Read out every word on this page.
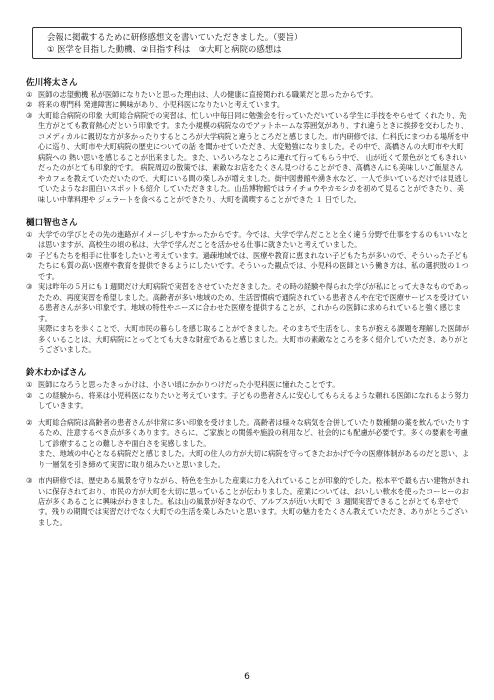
会報に掲載するために研修感想文を書いていただきました。（要旨）
① 医学を目指した動機、②目指す科は　③大町と病院の感想は
佐川将太さん
① 医師の志望動機 私が医師になりたいと思った理由は、人の健康に直接関われる職業だと思ったからです。
② 将来の専門科 発達障害に興味があり、小児科医になりたいと考えています。
③ 大町総合病院の印象 大町総合病院での実習は、忙しい中毎日同に勉強会を行っていただいている学生に手技をやらせて くれたり、先生方がとても教育熱心だという印象です。また小規模の病院なのでアットホームな雰囲気があり、すれ違うときに挨拶を交わしたり、コメディカルに親切な方が多かったりするところが大学病院と違うところだと感じました。市内研修では、仁科氏にまつわる場所を中心に巡り、大町市や大町病院の歴史についての話 を聞かせていただき、大変勉強になりました。その中で、高橋さんの大町市や大町病院への 熱い思いを感じることが出来ました。また、いろいろなところに連れて行ってもらう中で、 山が近くて景色がとてもきれいだったのがとても印象的です。 病院周辺の散策では、素敵なお店をたくさん見つけることができ、高橋さんにも美味しいご飯屋さんやカフェを教えていただいたので、大町にいる間の楽しみが増えました。街中図書館や湧き水など、一人で歩いているだけでは見逃していたようなお面白いスポットも紹介 していただきました。山岳博物館ではライチョウやカモシカを初めて見ることができたり、美味しい中華料理や ジェラートを食べることができたり、大町を満喫することができた １ 日でした。
樋口智也さん
① 大学での学びとその先の進路がイメージしやすかったからです。今では、大学で学んだことと全く違う分野で仕事をするのもいいなとは思いますが、高校生の頃の私は、大学で学んだことを活かせる仕事に就きたいと考えていました。
② 子どもたちを相手に仕事をしたいと考えています。過疎地域では、医療や教育に恵まれない子どもたちが多いので、そういった子どもたちにも質の高い医療や教育を提供できるようにしたいです。そういった観点では、小児科の医師という働き方は、私の選択肢の１つです。
③ 実は昨年の５月にも１週間だけ大町病院で実習をさせていただきました。その時の経験や得られた学びが私にとって大きなものであったため、再度実習を希望しました。高齢者が多い地域のため、生活習慣病で通院されている患者さんや在宅で医療サービスを受けている患者さんが多い印象です。地域の特性やニーズに合わせた医療を提供することが、これからの医師に求められていると強く感じます。
実際にまちを歩くことで、大町市民の暮らしを感じ取ることができました。そのまちで生活をし、まちが抱える課題を理解した医師が多くいることは、大町病院にとってとても大きな財産であると感じました。大町市の素敵なところを多く紹介していただき、ありがとうございました。
鈴木わかばさん
① 医師になろうと思ったきっかけは、小さい頃にかかりつけだった小児科医に憧れたことです。
② この経験から、将来は小児科医になりたいと考えています。子どもの患者さんに安心してもらえるような頼れる医師になれるよう努力していきます。
② 大町総合病院は高齢者の患者さんが非常に多い印象を受けました。高齢者は様々な病気を合併していたり数種類の薬を飲んでいたりするため、注意するべき点が多くあります。さらに、ご家族との関係や施設の利用など、社会的にも配慮が必要です。多くの要素を考慮して診療することの難しさや面白さを実感しました。
また、地域の中心となる病院だと感じました。大町の住人の方が大切に病院を守ってきたおかげで今の医療体制があるのだと思い、より一層気を引き締めて実習に取り組みたいと思いました。
③ 市内研修では、歴史ある風景を守りながら、特色を生かした産業に力を入れていることが印象的でした。松本平で最も古い建物がきれいに保存されており、市民の方が大町を大切に思っていることが伝わりました。産業については、おいしい軟水を使ったコーヒーのお店が多くあることに興味がわきました。私は山の風景が好きなので、アルプスが近い大町で ３ 週間実習できることがとても幸せです。残りの期間では実習だけでなく大町での生活を楽しみたいと思います。大町の魅力をたくさん教えていただき、ありがとうございました。
6
